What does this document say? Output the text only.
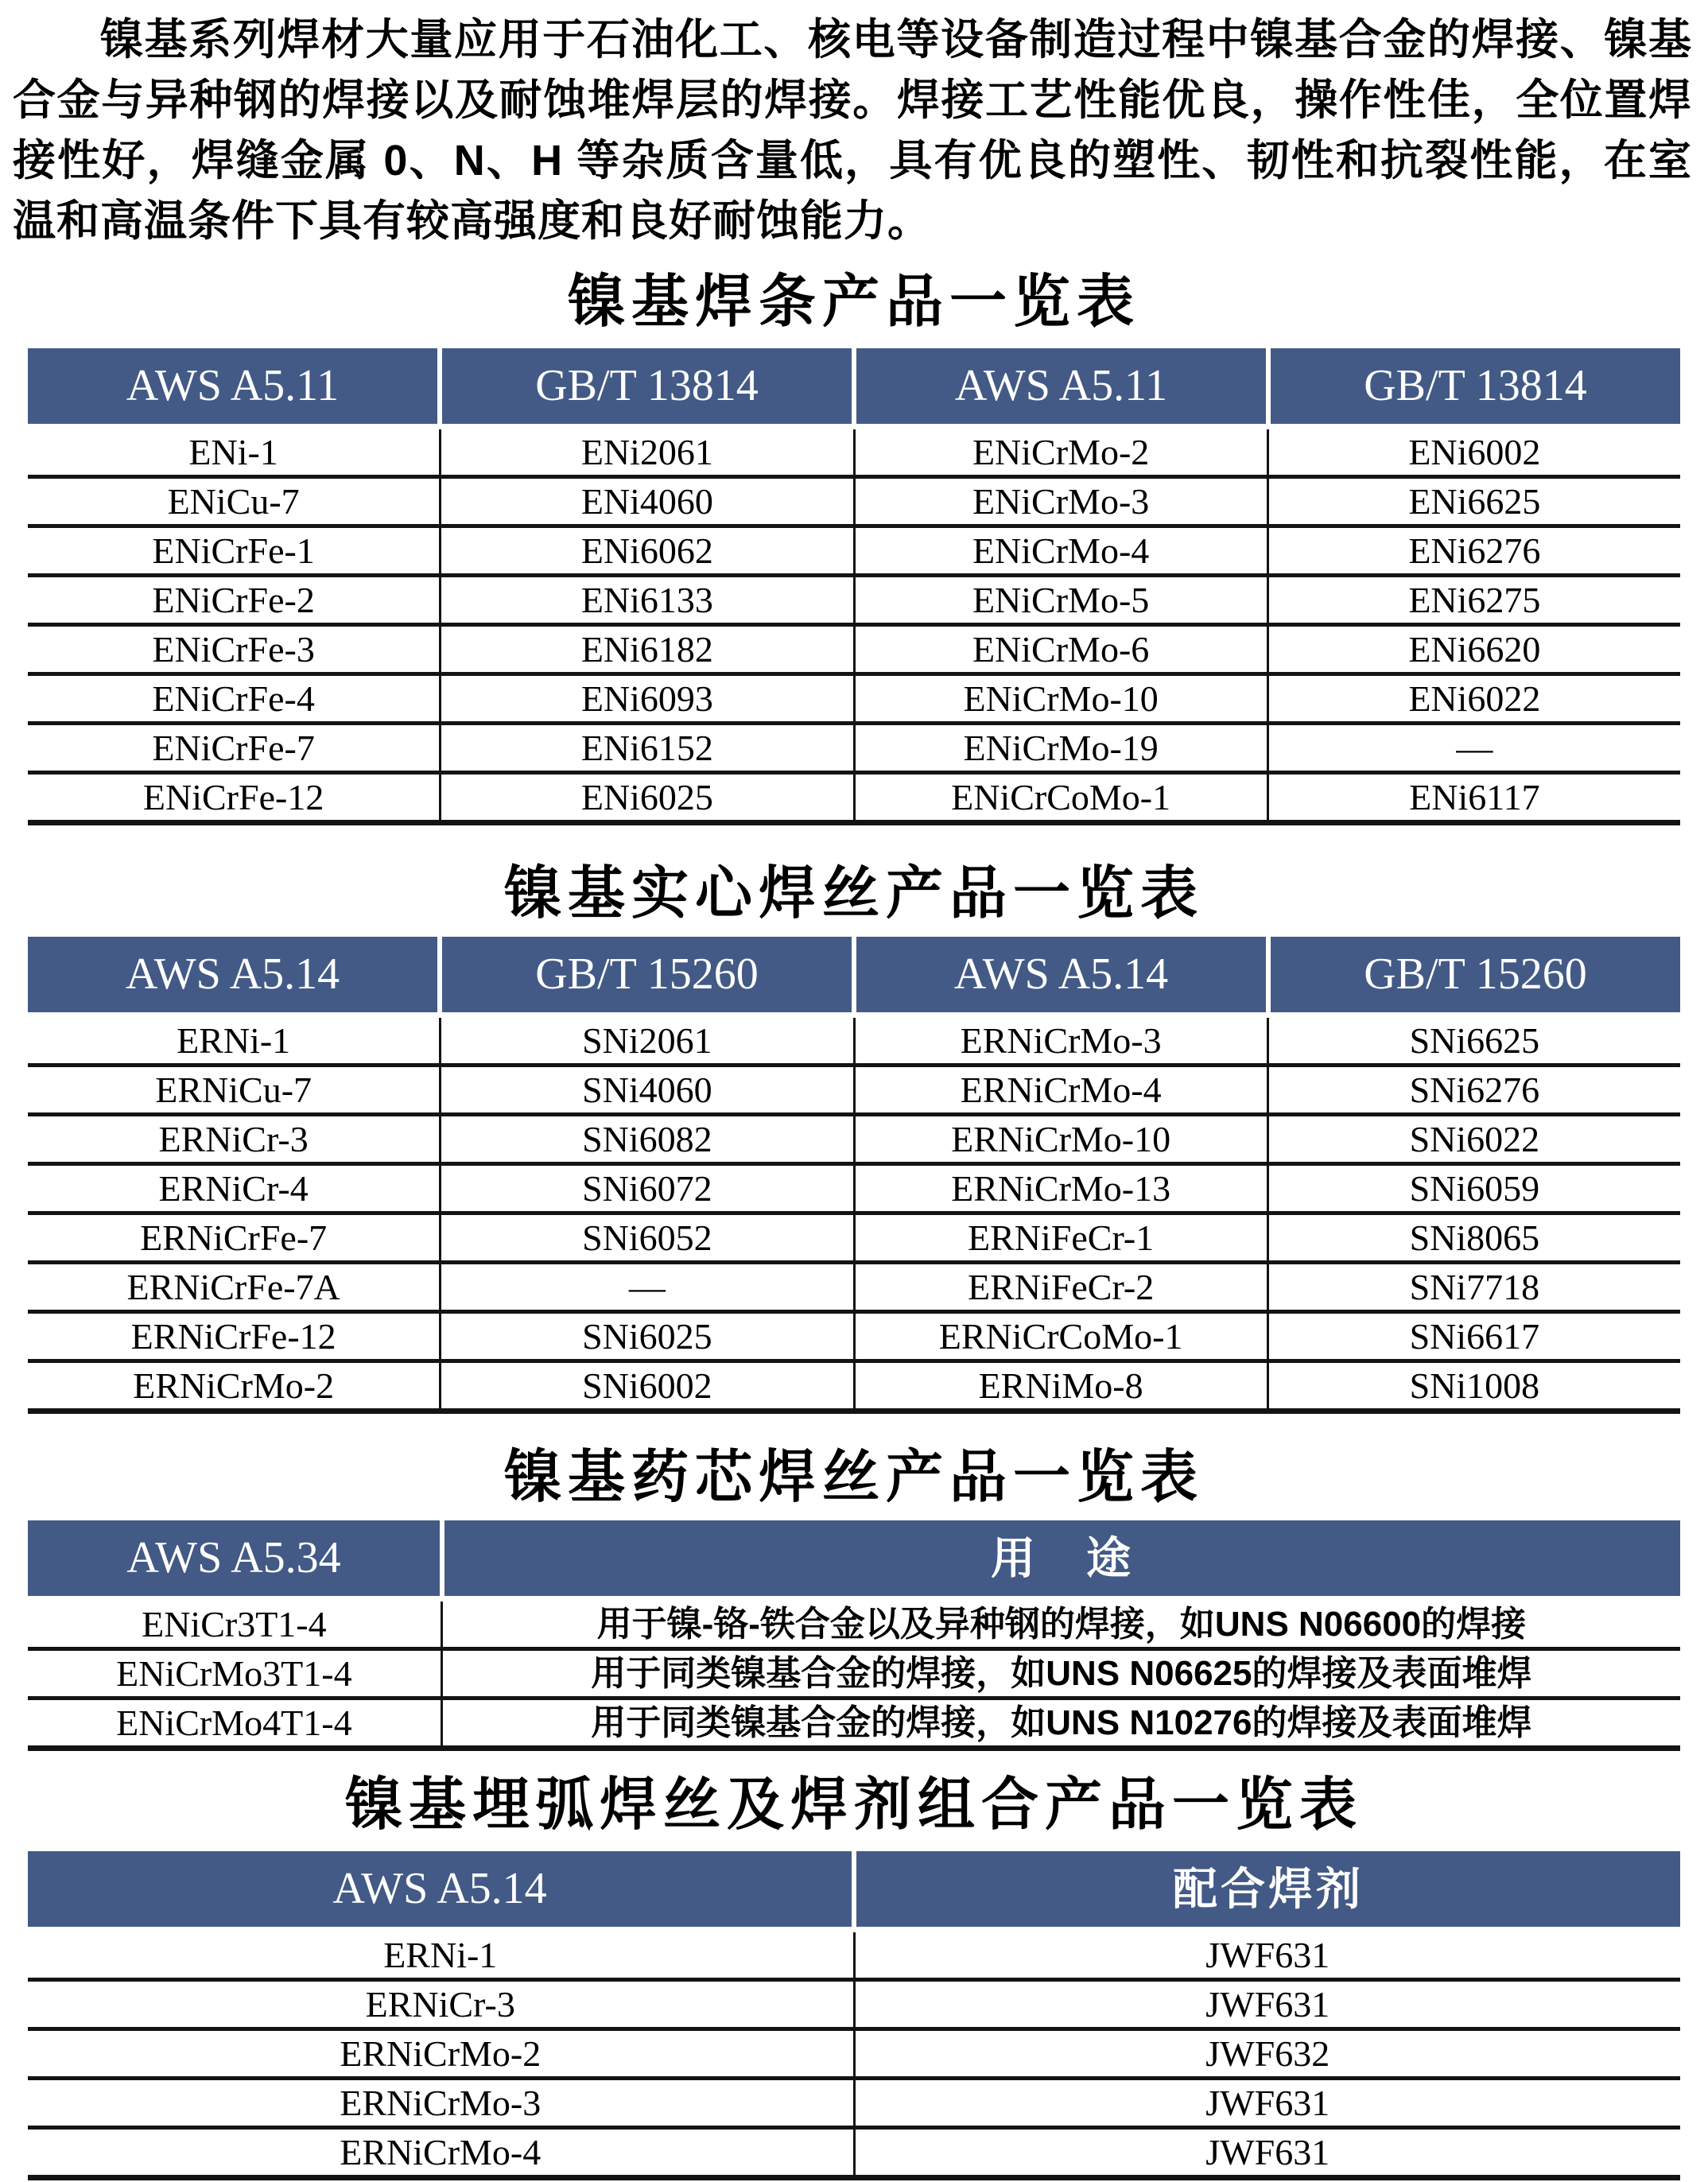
镍基系列焊材大量应用于石油化工、核电等设备制造过程中镍基合金的焊接、镍基合金与异种钢的焊接以及耐蚀堆焊层的焊接。焊接工艺性能优良，操作性佳，全位置焊接性好，焊缝金属 0、N、H 等杂质含量低，具有优良的塑性、韧性和抗裂性能，在室温和高温条件下具有较高强度和良好耐蚀能力。

镍基焊条产品一览表
AWS A5.11	GB/T 13814	AWS A5.11	GB/T 13814
ENi-1	ENi2061	ENiCrMo-2	ENi6002
ENiCu-7	ENi4060	ENiCrMo-3	ENi6625
ENiCrFe-1	ENi6062	ENiCrMo-4	ENi6276
ENiCrFe-2	ENi6133	ENiCrMo-5	ENi6275
ENiCrFe-3	ENi6182	ENiCrMo-6	ENi6620
ENiCrFe-4	ENi6093	ENiCrMo-10	ENi6022
ENiCrFe-7	ENi6152	ENiCrMo-19	—
ENiCrFe-12	ENi6025	ENiCrCoMo-1	ENi6117
镍基实心焊丝产品一览表
AWS A5.14	GB/T 15260	AWS A5.14	GB/T 15260
ERNi-1	SNi2061	ERNiCrMo-3	SNi6625
ERNiCu-7	SNi4060	ERNiCrMo-4	SNi6276
ERNiCr-3	SNi6082	ERNiCrMo-10	SNi6022
ERNiCr-4	SNi6072	ERNiCrMo-13	SNi6059
ERNiCrFe-7	SNi6052	ERNiFeCr-1	SNi8065
ERNiCrFe-7A	—	ERNiFeCr-2	SNi7718
ERNiCrFe-12	SNi6025	ERNiCrCoMo-1	SNi6617
ERNiCrMo-2	SNi6002	ERNiMo-8	SNi1008
镍基药芯焊丝产品一览表
AWS A5.34	用　途
ENiCr3T1-4	用于镍-铬-铁合金以及异种钢的焊接，如UNS N06600的焊接
ENiCrMo3T1-4	用于同类镍基合金的焊接，如UNS N06625的焊接及表面堆焊
ENiCrMo4T1-4	用于同类镍基合金的焊接，如UNS N10276的焊接及表面堆焊
镍基埋弧焊丝及焊剂组合产品一览表
AWS A5.14	配合焊剂
ERNi-1	JWF631
ERNiCr-3	JWF631
ERNiCrMo-2	JWF632
ERNiCrMo-3	JWF631
ERNiCrMo-4	JWF631
